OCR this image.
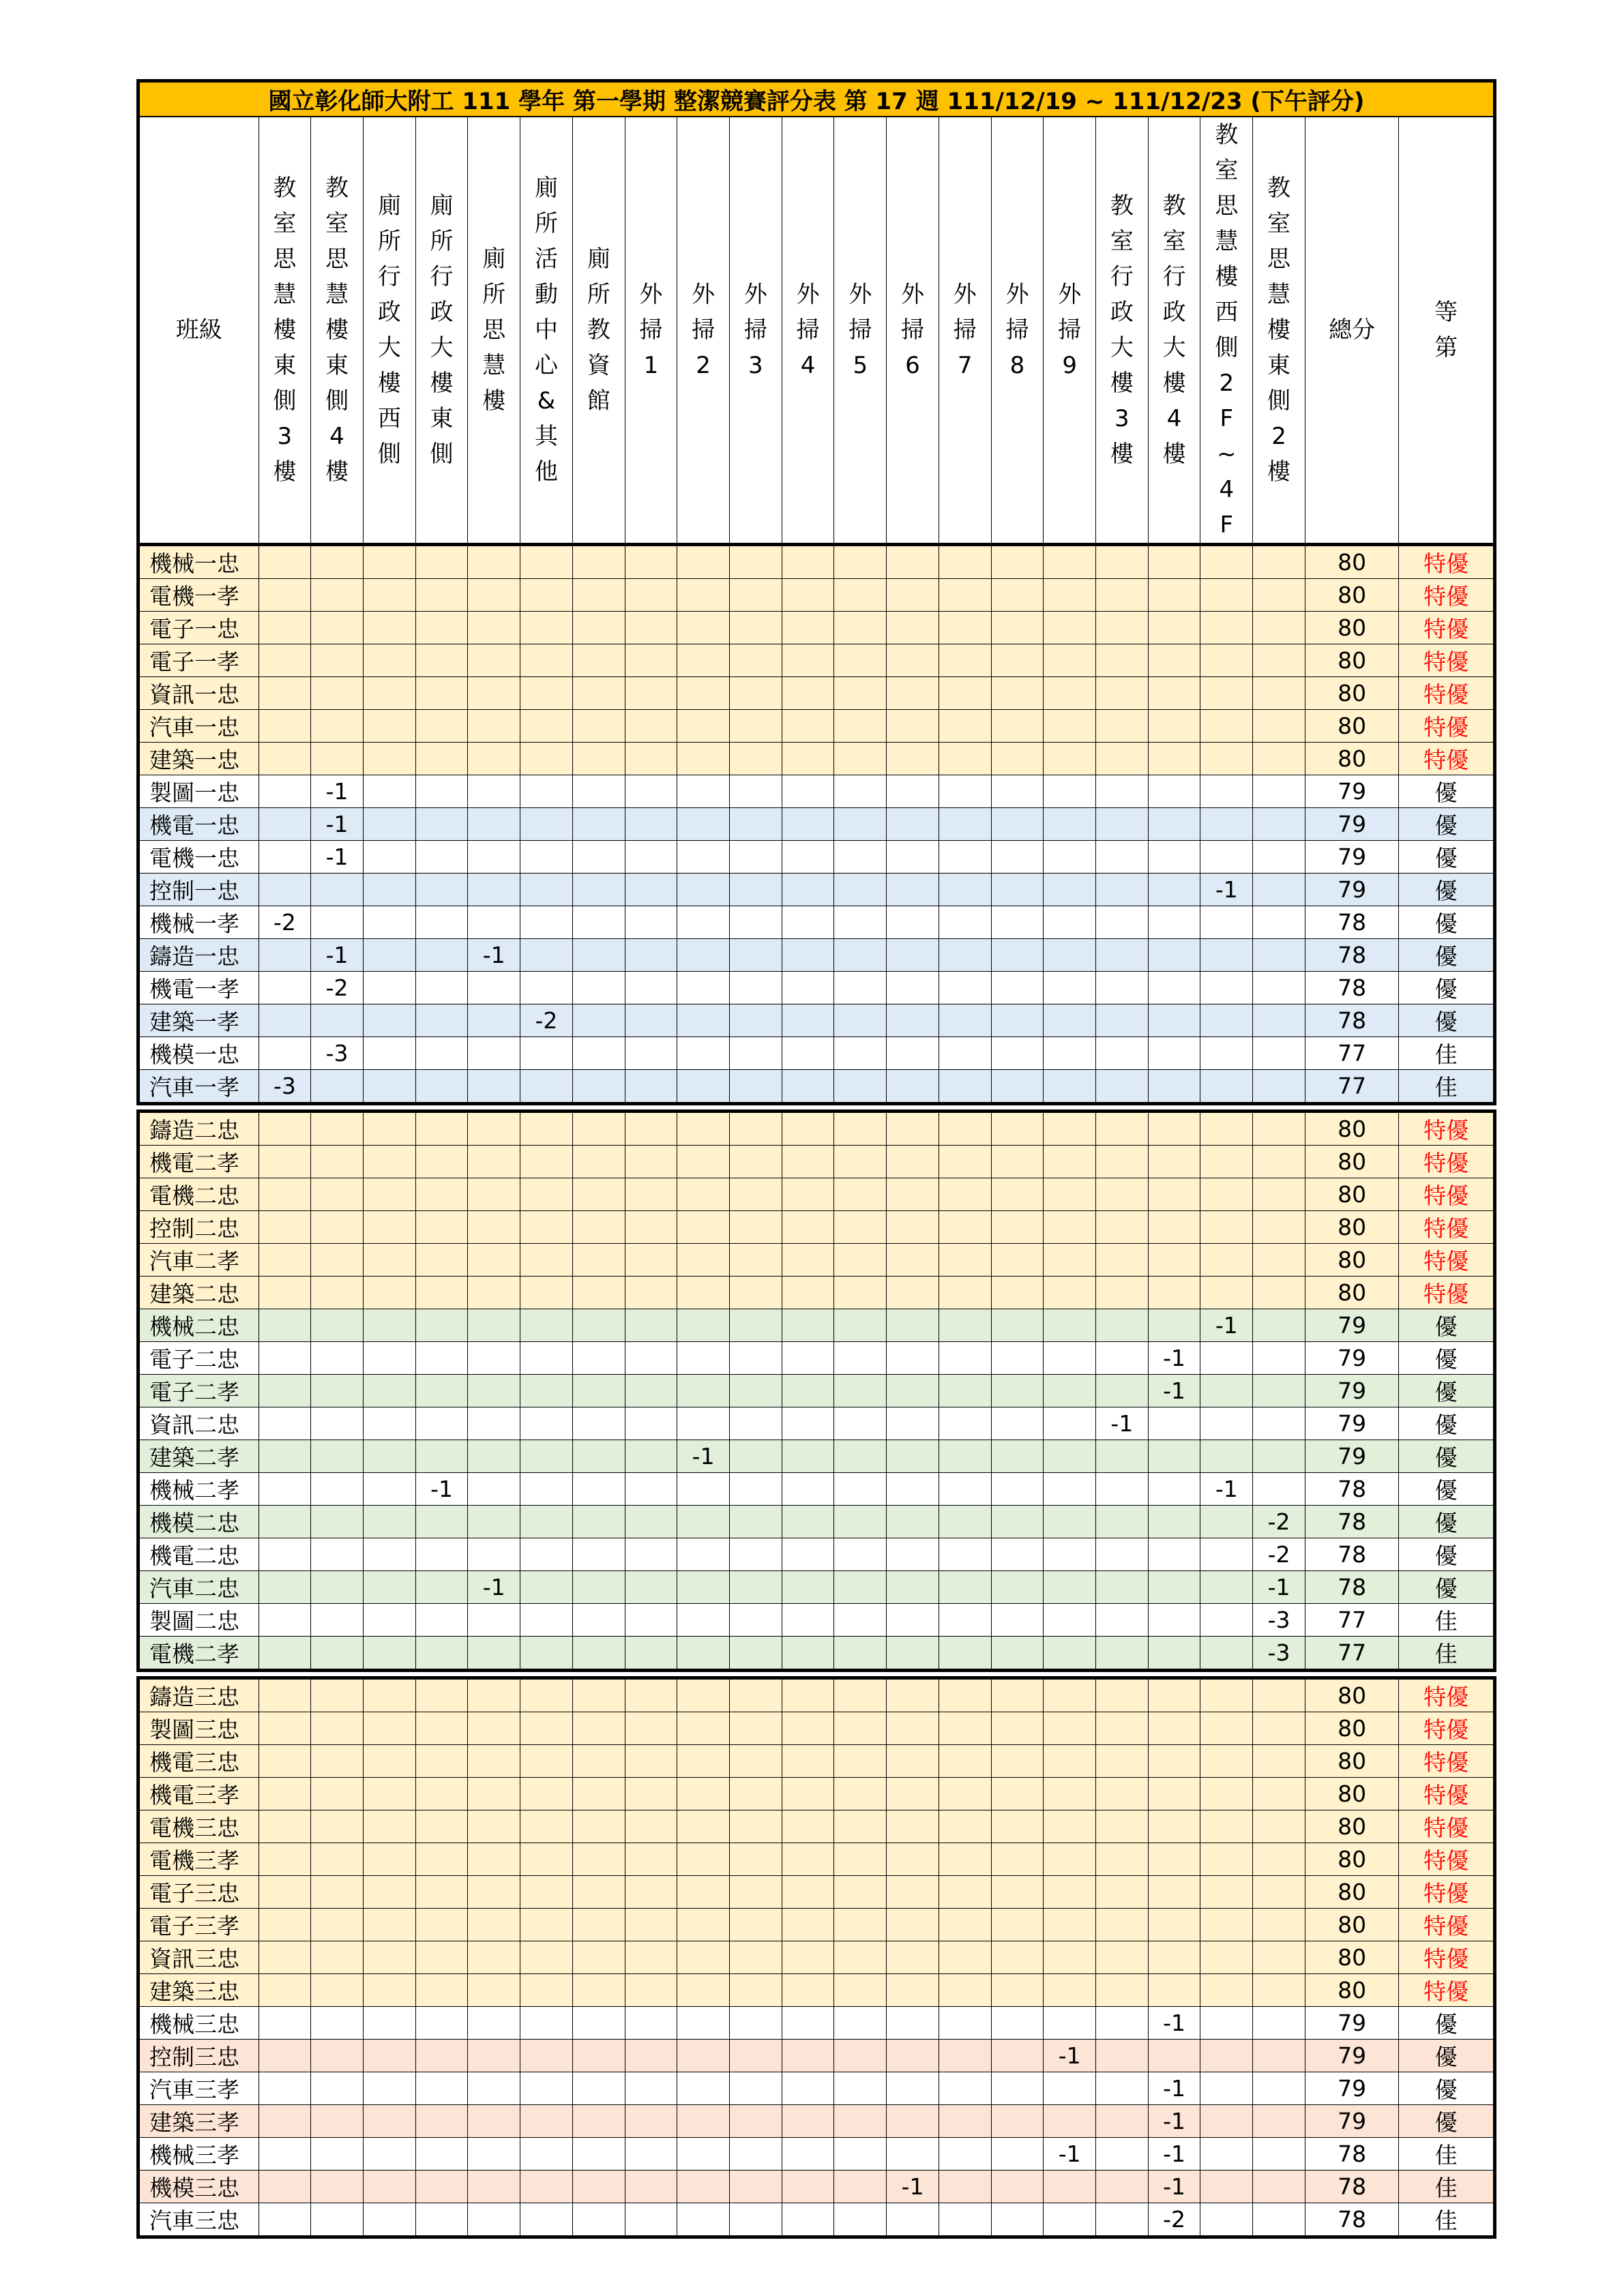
國立彰化師大附工 111 學年 第一學期 整潔競賽評分表 第 17 週 111/12/19 ~ 111/12/23 (下午評分)																						
班級	教室思慧樓東側3樓	教室思慧樓東側4樓	廁所行政大樓西側	廁所行政大樓東側	廁所思慧樓	廁所活動中心&其他	廁所教資館	外掃1	外掃2	外掃3	外掃4	外掃5	外掃6	外掃7	外掃8	外掃9	教室行政大樓3樓	教室行政大樓4樓	教室思慧樓西側2F~4F	教室思慧樓東側2樓	總分	等第
機械一忠																					80	特優
電機一孝																					80	特優
電子一忠																					80	特優
電子一孝																					80	特優
資訊一忠																					80	特優
汽車一忠																					80	特優
建築一忠																					80	特優
製圖一忠		-1																			79	優
機電一忠		-1																			79	優
電機一忠		-1																			79	優
控制一忠																			-1		79	優
機械一孝	-2																				78	優
鑄造一忠		-1			-1																78	優
機電一孝		-2																			78	優
建築一孝						-2															78	優
機模一忠		-3																			77	佳
汽車一孝	-3																				77	佳

鑄造二忠																					80	特優
機電二孝																					80	特優
電機二忠																					80	特優
控制二忠																					80	特優
汽車二孝																					80	特優
建築二忠																					80	特優
機械二忠																			-1		79	優
電子二忠																		-1			79	優
電子二孝																		-1			79	優
資訊二忠																	-1				79	優
建築二孝									-1												79	優
機械二孝				-1															-1		78	優
機模二忠																				-2	78	優
機電二忠																				-2	78	優
汽車二忠					-1															-1	78	優
製圖二忠																				-3	77	佳
電機二孝																				-3	77	佳

鑄造三忠																					80	特優
製圖三忠																					80	特優
機電三忠																					80	特優
機電三孝																					80	特優
電機三忠																					80	特優
電機三孝																					80	特優
電子三忠																					80	特優
電子三孝																					80	特優
資訊三忠																					80	特優
建築三忠																					80	特優
機械三忠																		-1			79	優
控制三忠																-1					79	優
汽車三孝																		-1			79	優
建築三孝																		-1			79	優
機械三孝																-1		-1			78	佳
機模三忠													-1					-1			78	佳
汽車三忠																		-2			78	佳
